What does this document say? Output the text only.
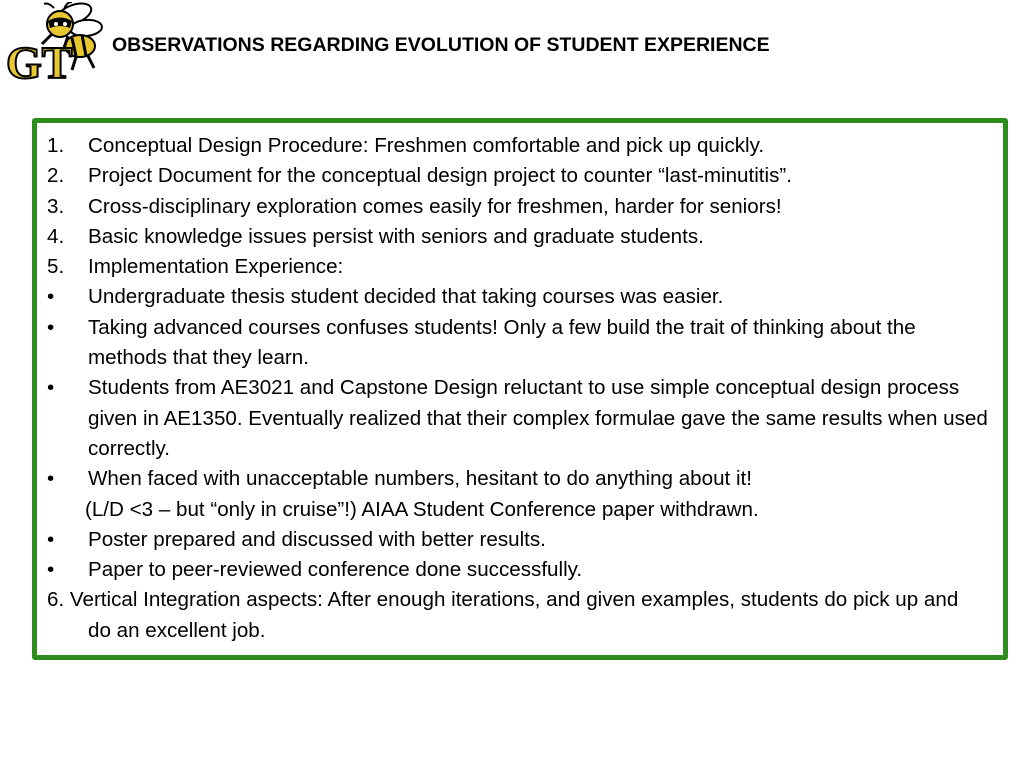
GT OBSERVATIONS REGARDING EVOLUTION OF STUDENT EXPERIENCE
1. Conceptual Design Procedure: Freshmen comfortable and pick up quickly.
2. Project Document for the conceptual design project to counter “last-minutitis”.
3. Cross-disciplinary exploration comes easily for freshmen, harder for seniors!
4. Basic knowledge issues persist with seniors and graduate students.
5. Implementation Experience:
• Undergraduate thesis student decided that taking courses was easier.
• Taking advanced courses confuses students! Only a few build the trait of thinking about the methods that they learn.
• Students from AE3021 and Capstone Design reluctant to use simple conceptual design process given in AE1350. Eventually realized that their complex formulae gave the same results when used correctly.
• When faced with unacceptable numbers, hesitant to do anything about it!
(L/D <3 – but “only in cruise”!) AIAA Student Conference paper withdrawn.
• Poster prepared and discussed with better results.
• Paper to peer-reviewed conference done successfully.
6. Vertical Integration aspects: After enough iterations, and given examples, students do pick up and do an excellent job.
